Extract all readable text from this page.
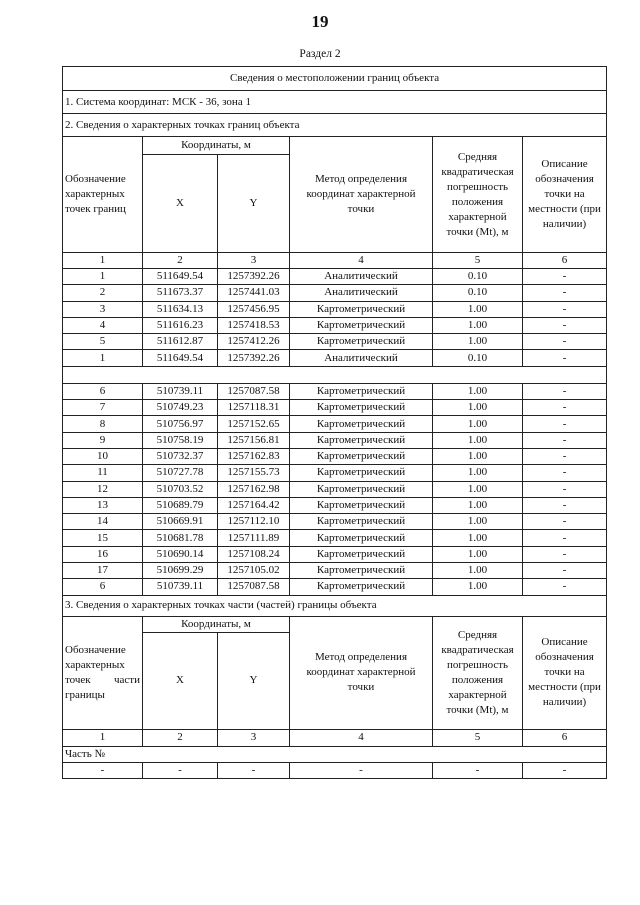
19
Раздел 2
Сведения о местоположении границ объекта					
1. Система координат: МСК - 36, зона 1					
2. Сведения о характерных точках границ объекта					
Обозначение характерных точек границ	Координаты, м		Метод определения координат характерной точки	Средняя квадратическая погрешность положения характерной точки (Mt), м	Описание обозначения точки на местности (при наличии)
	X	Y			
1	2	3	4	5	6
1	511649.54	1257392.26	Аналитический	0.10	-
2	511673.37	1257441.03	Аналитический	0.10	-
3	511634.13	1257456.95	Картометрический	1.00	-
4	511616.23	1257418.53	Картометрический	1.00	-
5	511612.87	1257412.26	Картометрический	1.00	-
1	511649.54	1257392.26	Аналитический	0.10	-

6	510739.11	1257087.58	Картометрический	1.00	-
7	510749.23	1257118.31	Картометрический	1.00	-
8	510756.97	1257152.65	Картометрический	1.00	-
9	510758.19	1257156.81	Картометрический	1.00	-
10	510732.37	1257162.83	Картометрический	1.00	-
11	510727.78	1257155.73	Картометрический	1.00	-
12	510703.52	1257162.98	Картометрический	1.00	-
13	510689.79	1257164.42	Картометрический	1.00	-
14	510669.91	1257112.10	Картометрический	1.00	-
15	510681.78	1257111.89	Картометрический	1.00	-
16	510690.14	1257108.24	Картометрический	1.00	-
17	510699.29	1257105.02	Картометрический	1.00	-
6	510739.11	1257087.58	Картометрический	1.00	-
3. Сведения о характерных точках части (частей) границы объекта					
Обозначение характерных точек части границы	Координаты, м		Метод определения координат характерной точки	Средняя квадратическая погрешность положения характерной точки (Mt), м	Описание обозначения точки на местности (при наличии)
	X	Y			
1	2	3	4	5	6
Часть №					
-	-	-	-	-	-
